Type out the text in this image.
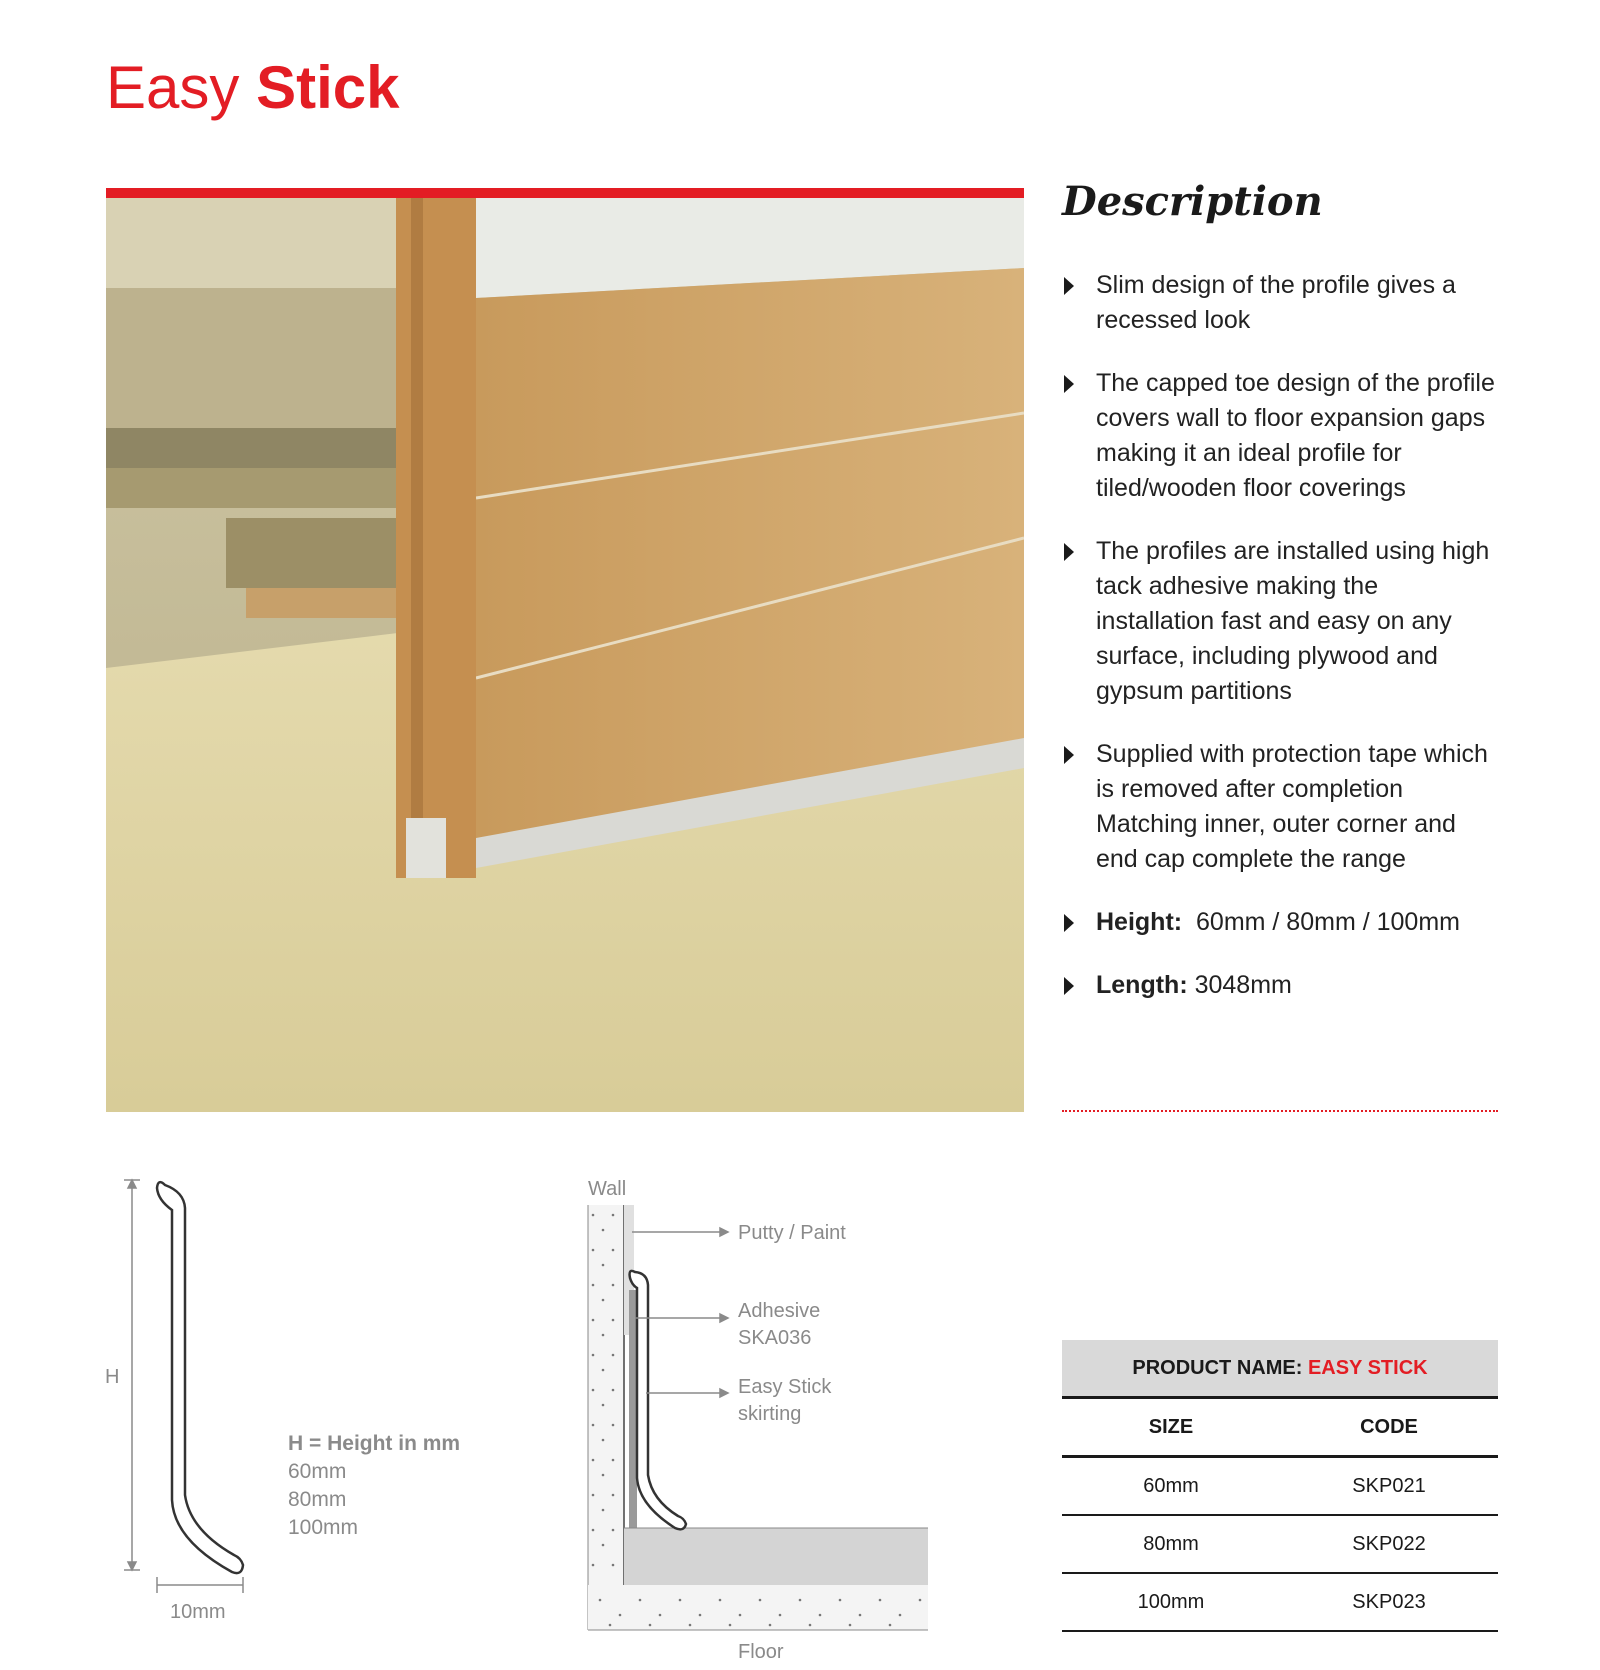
Easy Stick
Description
Slim design of the profile gives a recessed look
The capped toe design of the profile covers wall to floor expansion gaps making it an ideal profile for tiled/wooden floor coverings
The profiles are installed using high tack adhesive making the installation fast and easy on any surface, including plywood and gypsum partitions
Supplied with protection tape which is removed after completion Matching inner, outer corner and end cap complete the range
Height: 60mm / 80mm / 100mm
Length: 3048mm
H
10mm
Wall
Putty / Paint
Adhesive
SKA036
Easy Stick
skirting
Floor
H = Height in mm
60mm
80mm
100mm
PRODUCT NAME: EASY STICK
SIZE	CODE
60mm	SKP021
80mm	SKP022
100mm	SKP023
